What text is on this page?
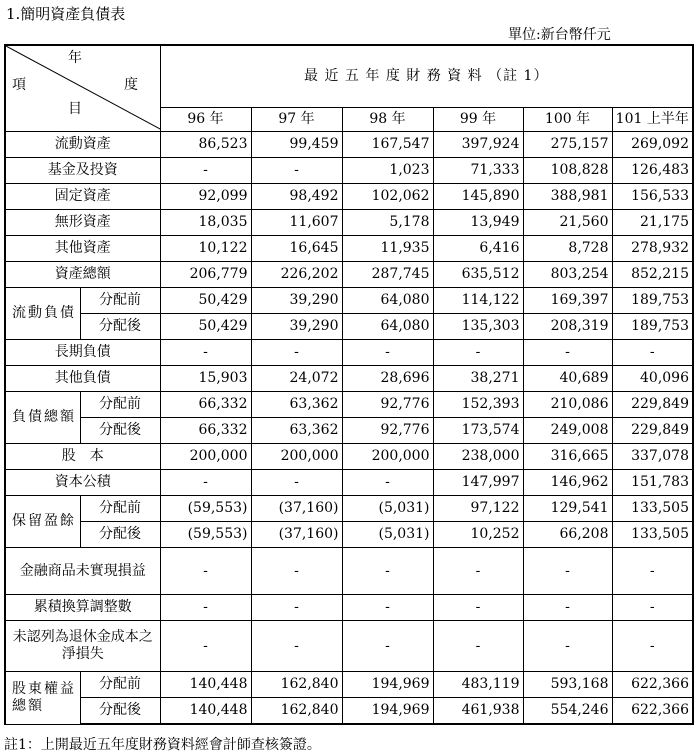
1.簡明資產負債表
單位:新台幣仟元
年
度
項
目		最 近 五 年 度 財 務 資 料 （註 1）					
		96 年	97 年	98 年	99 年	100 年	101 上半年
流動資產		86,523	99,459	167,547	397,924	275,157	269,092
基金及投資		-	-	1,023	71,333	108,828	126,483
固定資產		92,099	98,492	102,062	145,890	388,981	156,533
無形資產		18,035	11,607	5,178	13,949	21,560	21,175
其他資產		10,122	16,645	11,935	6,416	8,728	278,932
資產總額		206,779	226,202	287,745	635,512	803,254	852,215
流動負債	分配前	50,429	39,290	64,080	114,122	169,397	189,753
	分配後	50,429	39,290	64,080	135,303	208,319	189,753
長期負債		-	-	-	-	-	-
其他負債		15,903	24,072	28,696	38,271	40,689	40,096
負債總額	分配前	66,332	63,362	92,776	152,393	210,086	229,849
	分配後	66,332	63,362	92,776	173,574	249,008	229,849
股　本		200,000	200,000	200,000	238,000	316,665	337,078
資本公積		-	-	-	147,997	146,962	151,783
保留盈餘	分配前	(59,553)	(37,160)	(5,031)	97,122	129,541	133,505
	分配後	(59,553)	(37,160)	(5,031)	10,252	66,208	133,505
金融商品未實現損益		-	-	-	-	-	-
累積換算調整數		-	-	-	-	-	-
未認列為退休金成本之淨損失		-	-	-	-	-	-
股東權益總額	分配前	140,448	162,840	194,969	483,119	593,168	622,366
	分配後	140,448	162,840	194,969	461,938	554,246	622,366
註1：上開最近五年度財務資料經會計師查核簽證。
